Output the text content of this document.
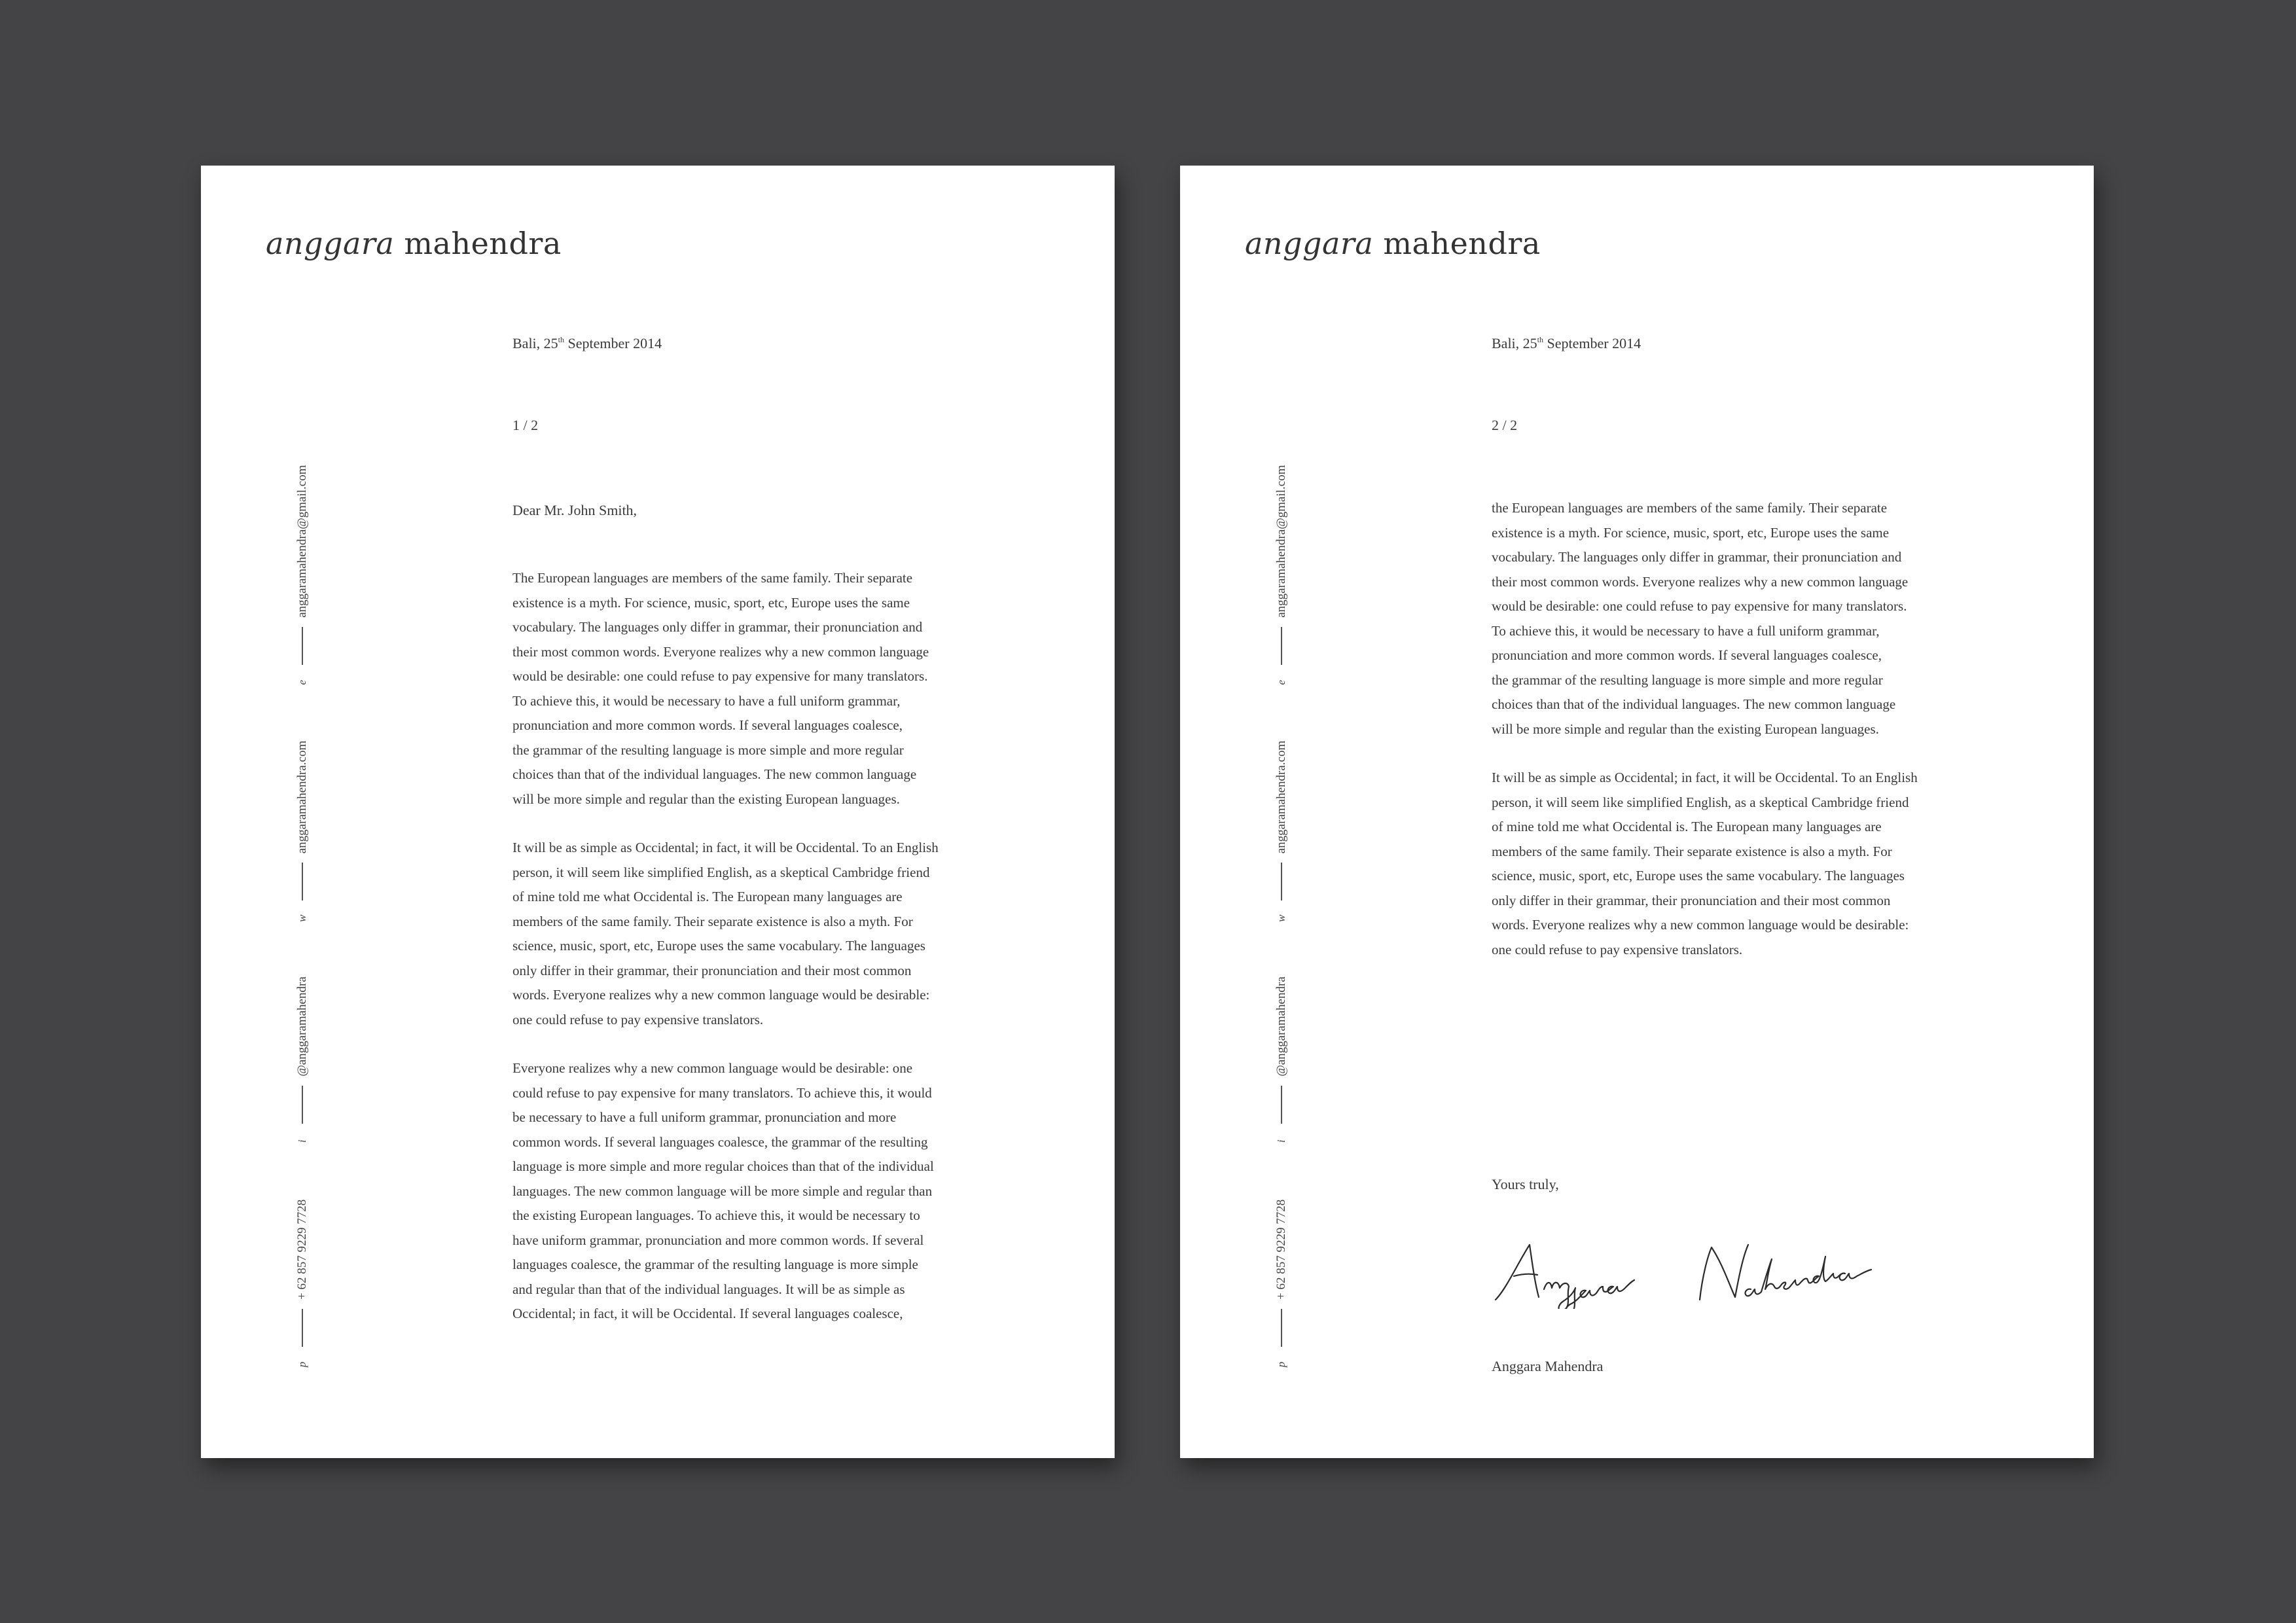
anggara mahendra
p
+ 62 857 9229 7728
i
@anggaramahendra
w
anggaramahendra.com
e
anggaramahendra@gmail.com
Bali, 25th September 2014
1 / 2
Dear Mr. John Smith,

The European languages are members of the same family. Their separate
existence is a myth. For science, music, sport, etc, Europe uses the same
vocabulary. The languages only differ in grammar, their pronunciation and
their most common words. Everyone realizes why a new common language
would be desirable: one could refuse to pay expensive for many translators.
To achieve this, it would be necessary to have a full uniform grammar,
pronunciation and more common words. If several languages coalesce,
the grammar of the resulting language is more simple and more regular
choices than that of the individual languages. The new common language
will be more simple and regular than the existing European languages.

It will be as simple as Occidental; in fact, it will be Occidental. To an English
person, it will seem like simplified English, as a skeptical Cambridge friend
of mine told me what Occidental is. The European many languages are
members of the same family. Their separate existence is also a myth. For
science, music, sport, etc, Europe uses the same vocabulary. The languages
only differ in their grammar, their pronunciation and their most common
words. Everyone realizes why a new common language would be desirable:
one could refuse to pay expensive translators.

Everyone realizes why a new common language would be desirable: one
could refuse to pay expensive for many translators. To achieve this, it would
be necessary to have a full uniform grammar, pronunciation and more
common words. If several languages coalesce, the grammar of the resulting
language is more simple and more regular choices than that of the individual
languages. The new common language will be more simple and regular than
the existing European languages. To achieve this, it would be necessary to
have uniform grammar, pronunciation and more common words. If several
languages coalesce, the grammar of the resulting language is more simple
and regular than that of the individual languages. It will be as simple as
Occidental; in fact, it will be Occidental. If several languages coalesce,

anggara mahendra
p
+ 62 857 9229 7728
i
@anggaramahendra
w
anggaramahendra.com
e
anggaramahendra@gmail.com
Bali, 25th September 2014
2 / 2

the European languages are members of the same family. Their separate
existence is a myth. For science, music, sport, etc, Europe uses the same
vocabulary. The languages only differ in grammar, their pronunciation and
their most common words. Everyone realizes why a new common language
would be desirable: one could refuse to pay expensive for many translators.
To achieve this, it would be necessary to have a full uniform grammar,
pronunciation and more common words. If several languages coalesce,
the grammar of the resulting language is more simple and more regular
choices than that of the individual languages. The new common language
will be more simple and regular than the existing European languages.

It will be as simple as Occidental; in fact, it will be Occidental. To an English
person, it will seem like simplified English, as a skeptical Cambridge friend
of mine told me what Occidental is. The European many languages are
members of the same family. Their separate existence is also a myth. For
science, music, sport, etc, Europe uses the same vocabulary. The languages
only differ in their grammar, their pronunciation and their most common
words. Everyone realizes why a new common language would be desirable:
one could refuse to pay expensive translators.

Yours truly,
Anggara Mahendra
